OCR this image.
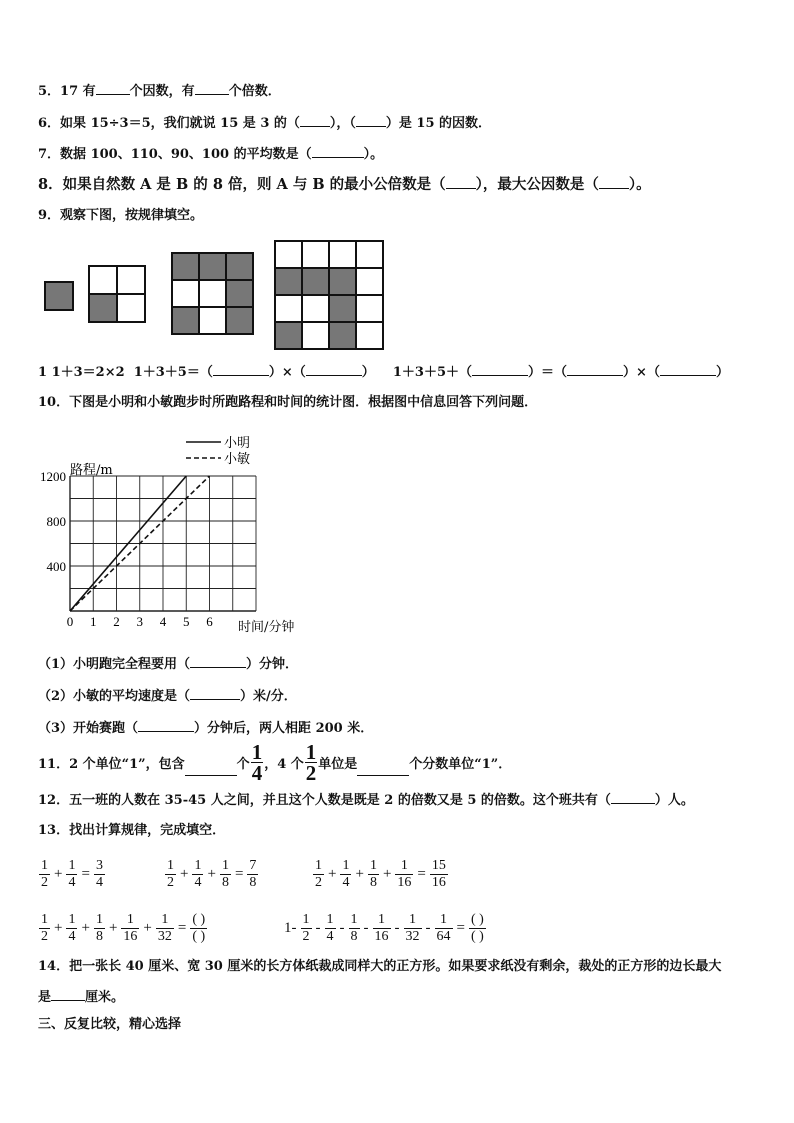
5．17 有	个因数，有	个倍数．
6．如果 15÷3＝5，我们就说 15 是 3 的（ ），（ ）是 15 的因数．
7．数据 100、110、90、100 的平均数是（	）。
8．如果自然数 A 是 B 的 8 倍，则 A 与 B 的最小公倍数是（ ），最大公因数是（ ）。
9．观察下图，按规律填空。
1 1＋3＝2×2 1＋3＋5＝（	）×（	） 1＋3＋5＋（	）＝（	）×（	）
10．下图是小明和小敏跑步时所跑路程和时间的统计图．根据图中信息回答下列问题．
0 1 2 3 4 5 6
400
800
1200
小明
小敏
路程/m
时间/分钟
（1）小明跑完全程要用（	）分钟．
（2）小敏的平均速度是（	）米/分．
（3）开始赛跑（	）分钟后，两人相距 200 米．
11．2 个单位“1”，包含	个
1
4 ，4 个
1
2 单位是	个分数单位“1”．
12．五一班的人数在 35-45 人之间，并且这个人数是既是 2 的倍数又是 5 的倍数。这个班共有（	）人。
13．找出计算规律，完成填空．
$\frac{1}{2} + \frac{1}{4} = \frac{3}{4}$	$\frac{1}{2} + \frac{1}{4} + \frac{1}{8} = \frac{7}{8}$	$\frac{1}{2} + \frac{1}{4} + \frac{1}{8} + \frac{1}{16} = \frac{15}{16}$
$\frac{1}{2} + \frac{1}{4} + \frac{1}{8} + \frac{1}{16} + \frac{1}{32} = \frac{( )}{( )}$	$1- \frac{1}{2} - \frac{1}{4} - \frac{1}{8} - \frac{1}{16} - \frac{1}{32} - \frac{1}{64} = \frac{( )}{( )}$
14．把一张长 40 厘米、宽 30 厘米的长方体纸裁成同样大的正方形。如果要求纸没有剩余，裁处的正方形的边长最大
是	厘米。
三、反复比较，精心选择
